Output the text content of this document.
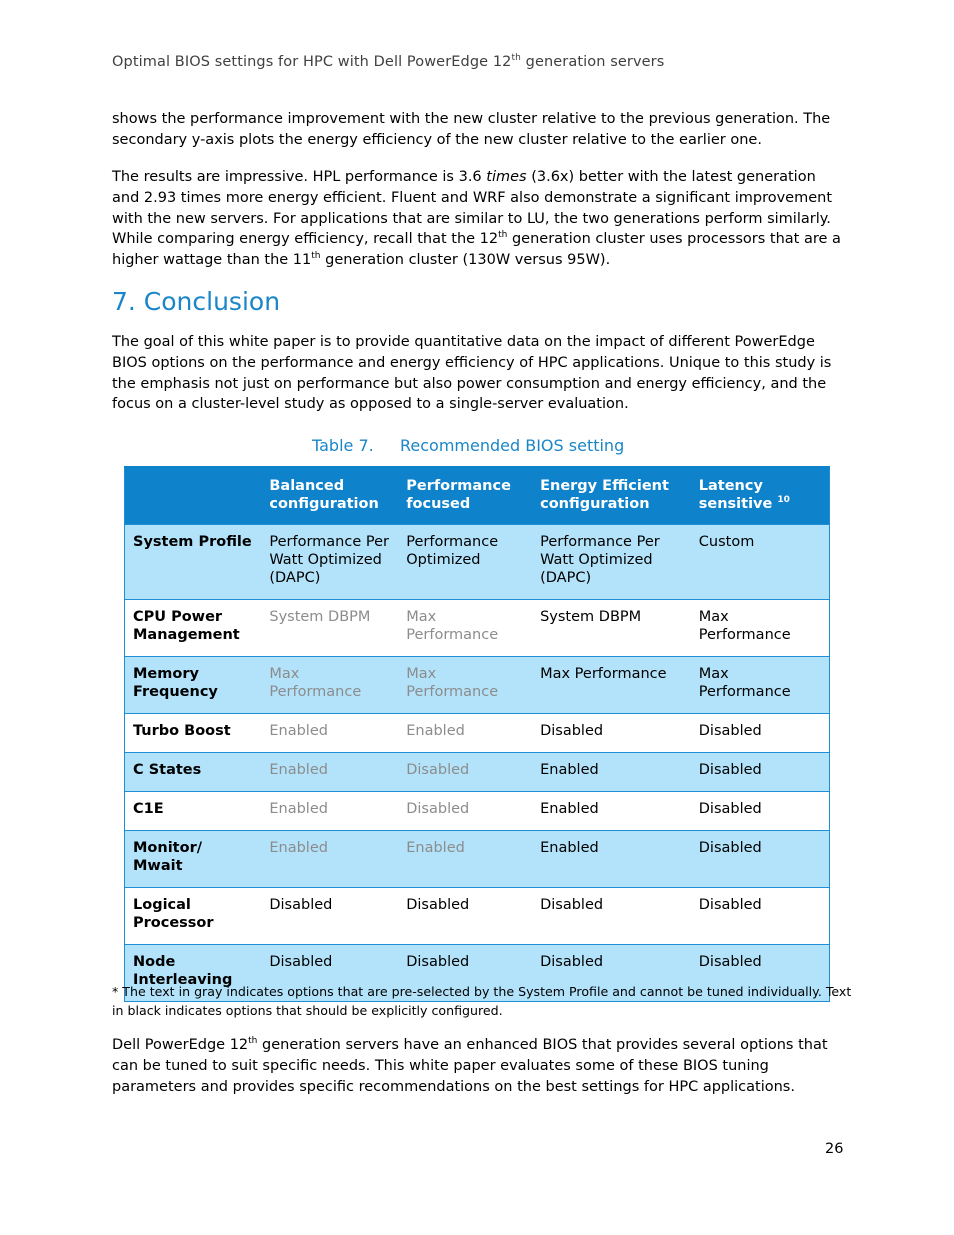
Optimal BIOS settings for HPC with Dell PowerEdge 12th generation servers

shows the performance improvement with the new cluster relative to the previous generation. The secondary y-axis plots the energy efficiency of the new cluster relative to the earlier one.

The results are impressive. HPL performance is 3.6 times (3.6x) better with the latest generation and 2.93 times more energy efficient. Fluent and WRF also demonstrate a significant improvement with the new servers. For applications that are similar to LU, the two generations perform similarly. While comparing energy efficiency, recall that the 12th generation cluster uses processors that are a higher wattage than the 11th generation cluster (130W versus 95W).

7. Conclusion

The goal of this white paper is to provide quantitative data on the impact of different PowerEdge BIOS options on the performance and energy efficiency of HPC applications. Unique to this study is the emphasis not just on performance but also power consumption and energy efficiency, and the focus on a cluster-level study as opposed to a single-server evaluation.

Table 7. Recommended BIOS setting
	Balanced configuration	Performance focused	Energy Efficient configuration	Latency sensitive $^{10}$
System Profile	Performance Per Watt Optimized (DAPC)	Performance Optimized	Performance Per Watt Optimized (DAPC)	Custom
CPU Power Management	System DBPM	Max Performance	System DBPM	Max Performance
Memory Frequency	Max Performance	Max Performance	Max Performance	Max Performance
Turbo Boost	Enabled	Enabled	Disabled	Disabled
C States	Enabled	Disabled	Enabled	Disabled
C1E	Enabled	Disabled	Enabled	Disabled
Monitor/ Mwait	Enabled	Enabled	Enabled	Disabled
Logical Processor	Disabled	Disabled	Disabled	Disabled
Node Interleaving	Disabled	Disabled	Disabled	Disabled
* The text in gray indicates options that are pre-selected by the System Profile and cannot be tuned individually. Text in black indicates options that should be explicitly configured.

Dell PowerEdge 12th generation servers have an enhanced BIOS that provides several options that can be tuned to suit specific needs. This white paper evaluates some of these BIOS tuning parameters and provides specific recommendations on the best settings for HPC applications.

26
